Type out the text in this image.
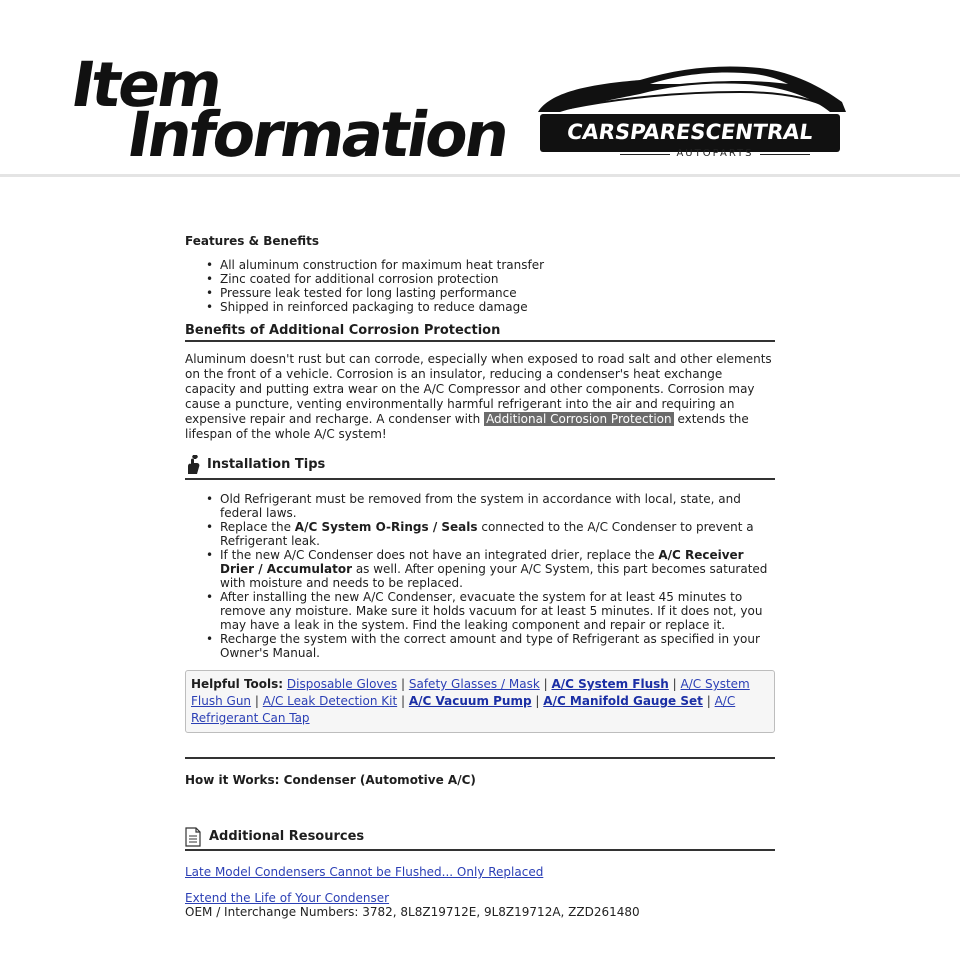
Item
Information	CARSPARESCENTRAL
AUTOPARTS
Features & Benefits
• All aluminum construction for maximum heat transfer
• Zinc coated for additional corrosion protection
• Pressure leak tested for long lasting performance
• Shipped in reinforced packaging to reduce damage
Benefits of Additional Corrosion Protection
Aluminum doesn't rust but can corrode, especially when exposed to road salt and other elements on the front of a vehicle. Corrosion is an insulator, reducing a condenser's heat exchange capacity and putting extra wear on the A/C Compressor and other components. Corrosion may cause a puncture, venting environmentally harmful refrigerant into the air and requiring an expensive repair and recharge. A condenser with Additional Corrosion Protection extends the lifespan of the whole A/C system!
Installation Tips
• Old Refrigerant must be removed from the system in accordance with local, state, and federal laws.
• Replace the A/C System O-Rings / Seals connected to the A/C Condenser to prevent a Refrigerant leak.
• If the new A/C Condenser does not have an integrated drier, replace the A/C Receiver Drier / Accumulator as well. After opening your A/C System, this part becomes saturated with moisture and needs to be replaced.
• After installing the new A/C Condenser, evacuate the system for at least 45 minutes to remove any moisture. Make sure it holds vacuum for at least 5 minutes. If it does not, you may have a leak in the system. Find the leaking component and repair or replace it.
• Recharge the system with the correct amount and type of Refrigerant as specified in your Owner's Manual.
Helpful Tools: Disposable Gloves | Safety Glasses / Mask | A/C System Flush | A/C System Flush Gun | A/C Leak Detection Kit | A/C Vacuum Pump | A/C Manifold Gauge Set | A/C Refrigerant Can Tap
How it Works: Condenser (Automotive A/C)
Additional Resources
Late Model Condensers Cannot be Flushed... Only Replaced
Extend the Life of Your Condenser
OEM / Interchange Numbers: 3782, 8L8Z19712E, 9L8Z19712A, ZZD261480
